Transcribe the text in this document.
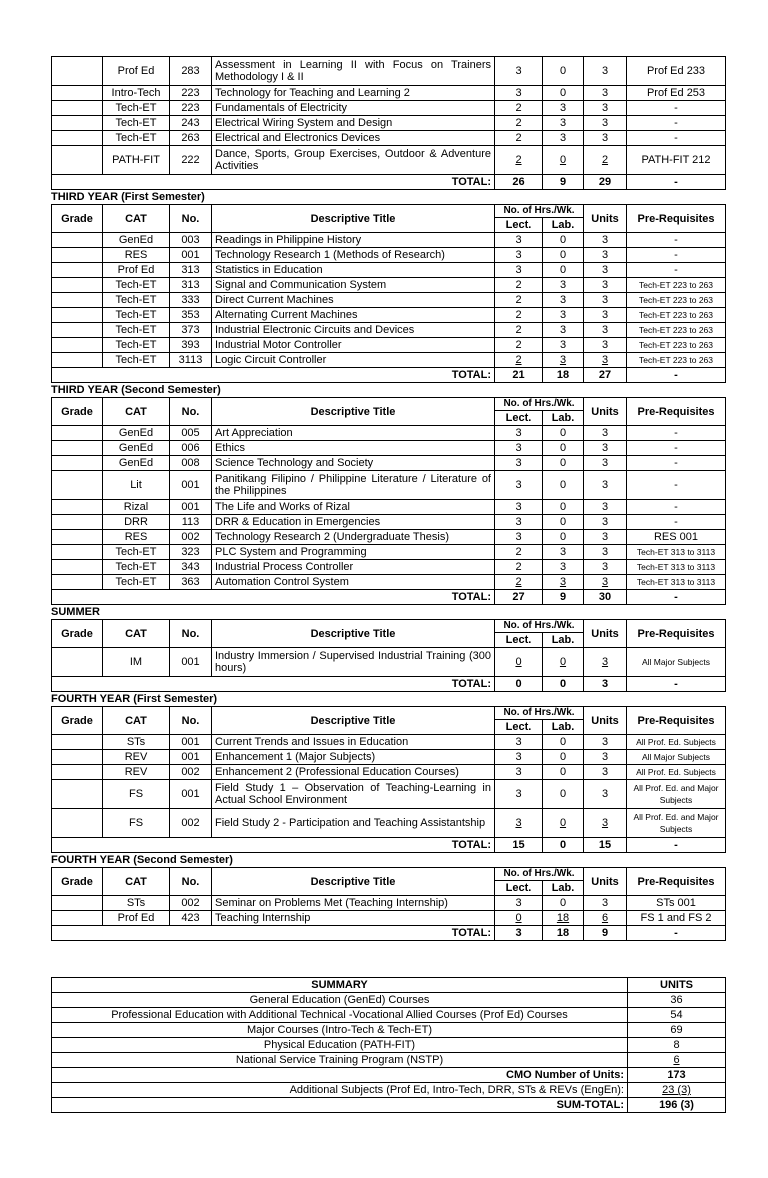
	Prof Ed	283	Assessment in Learning II with Focus on Trainers Methodology I & II	3	0	3	Prof Ed 233
	Intro-Tech	223	Technology for Teaching and Learning 2	3	0	3	Prof Ed 253
	Tech-ET	223	Fundamentals of Electricity	2	3	3	-
	Tech-ET	243	Electrical Wiring System and Design	2	3	3	-
	Tech-ET	263	Electrical and Electronics Devices	2	3	3	-
	PATH-FIT	222	Dance, Sports, Group Exercises, Outdoor & Adventure Activities	2	0	2	PATH-FIT 212
TOTAL:				26	9	29	-
THIRD YEAR (First Semester)
Grade	CAT	No.	Descriptive Title	No. of Hrs./Wk.		Units	Pre-Requisites
				Lect.	Lab.		
	GenEd	003	Readings in Philippine History	3	0	3	-
	RES	001	Technology Research 1 (Methods of Research)	3	0	3	-
	Prof Ed	313	Statistics in Education	3	0	3	-
	Tech-ET	313	Signal and Communication System	2	3	3	Tech-ET 223 to 263
	Tech-ET	333	Direct Current Machines	2	3	3	Tech-ET 223 to 263
	Tech-ET	353	Alternating Current Machines	2	3	3	Tech-ET 223 to 263
	Tech-ET	373	Industrial Electronic Circuits and Devices	2	3	3	Tech-ET 223 to 263
	Tech-ET	393	Industrial Motor Controller	2	3	3	Tech-ET 223 to 263
	Tech-ET	3113	Logic Circuit Controller	2	3	3	Tech-ET 223 to 263
TOTAL:				21	18	27	-
THIRD YEAR (Second Semester)
Grade	CAT	No.	Descriptive Title	No. of Hrs./Wk.		Units	Pre-Requisites
				Lect.	Lab.		
	GenEd	005	Art Appreciation	3	0	3	-
	GenEd	006	Ethics	3	0	3	-
	GenEd	008	Science Technology and Society	3	0	3	-
	Lit	001	Panitikang Filipino / Philippine Literature / Literature of the Philippines	3	0	3	-
	Rizal	001	The Life and Works of Rizal	3	0	3	-
	DRR	113	DRR & Education in Emergencies	3	0	3	-
	RES	002	Technology Research 2 (Undergraduate Thesis)	3	0	3	RES 001
	Tech-ET	323	PLC System and Programming	2	3	3	Tech-ET 313 to 3113
	Tech-ET	343	Industrial Process Controller	2	3	3	Tech-ET 313 to 3113
	Tech-ET	363	Automation Control System	2	3	3	Tech-ET 313 to 3113
TOTAL:				27	9	30	-
SUMMER
Grade	CAT	No.	Descriptive Title	No. of Hrs./Wk.		Units	Pre-Requisites
				Lect.	Lab.		
	IM	001	Industry Immersion / Supervised Industrial Training (300 hours)	0	0	3	All Major Subjects
TOTAL:				0	0	3	-
FOURTH YEAR (First Semester)
Grade	CAT	No.	Descriptive Title	No. of Hrs./Wk.		Units	Pre-Requisites
				Lect.	Lab.		
	STs	001	Current Trends and Issues in Education	3	0	3	All Prof. Ed. Subjects
	REV	001	Enhancement 1 (Major Subjects)	3	0	3	All Major Subjects
	REV	002	Enhancement 2 (Professional Education Courses)	3	0	3	All Prof. Ed. Subjects
	FS	001	Field Study 1 – Observation of Teaching-Learning in Actual School Environment	3	0	3	All Prof. Ed. and Major Subjects
	FS	002	Field Study 2 - Participation and Teaching Assistantship	3	0	3	All Prof. Ed. and Major Subjects
TOTAL:				15	0	15	-
FOURTH YEAR (Second Semester)
Grade	CAT	No.	Descriptive Title	No. of Hrs./Wk.		Units	Pre-Requisites
				Lect.	Lab.		
	STs	002	Seminar on Problems Met (Teaching Internship)	3	0	3	STs 001
	Prof Ed	423	Teaching Internship	0	18	6	FS 1 and FS 2
TOTAL:				3	18	9	-
SUMMARY	UNITS
General Education (GenEd) Courses	36
Professional Education with Additional Technical -Vocational Allied Courses (Prof Ed) Courses	54
Major Courses (Intro-Tech & Tech-ET)	69
Physical Education (PATH-FIT)	8
National Service Training Program (NSTP)	6
CMO Number of Units:	173
Additional Subjects (Prof Ed, Intro-Tech, DRR, STs & REVs (EngEn):	23 (3)
SUM-TOTAL:	196 (3)
